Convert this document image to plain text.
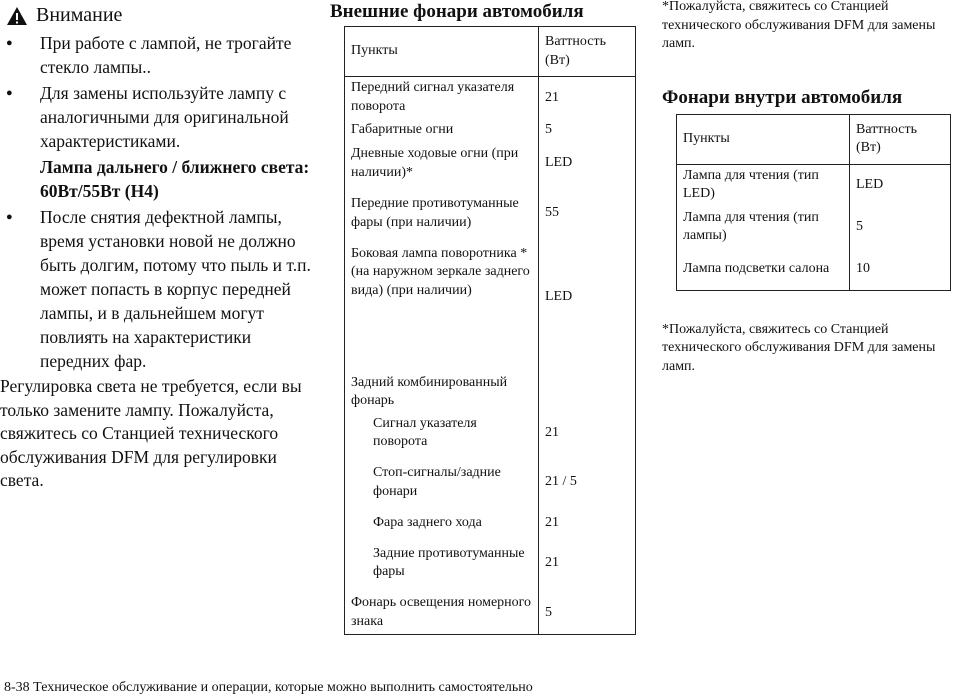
Внимание
● При работе с лампой, не трогайте стекло лампы..
● Для замены используйте лампу с аналогичными для оригинальной характеристиками.
Лампа дальнего / ближнего света: 60Вт/55Вт (Н4)
● После снятия дефектной лампы, время установки новой не должно быть долгим, потому что пыль и т.п. может попасть в корпус передней лампы, и в дальнейшем могут повлиять на характеристики передних фар.

Регулировка света не требуется, если вы только замените лампу. Пожалуйста, свяжитесь со Станцией технического обслуживания DFM для регулировки света.

Внешние фонари автомобиля
Пункты	Ваттность (Вт)
Передний сигнал указателя поворота	21
Габаритные огни	5
Дневные ходовые огни (при наличии)*	LED
Передние противотуманные фары (при наличии)	55
Боковая лампа поворотника * (на наружном зеркале заднего вида) (при наличии)	LED
Задний комбинированный фонарь	
Сигнал указателя поворота	21
Стоп-сигналы/задние фонари	21 / 5
Фара заднего хода	21
Задние противотуманные фары	21
Фонарь освещения номерного знака	5

*Пожалуйста, свяжитесь со Станцией технического обслуживания DFM для замены ламп.

Фонари внутри автомобиля
Пункты	Ваттность (Вт)
Лампа для чтения (тип LED)	LED
Лампа для чтения (тип лампы)	5
Лампа подсветки салона	10

*Пожалуйста, свяжитесь со Станцией технического обслуживания DFM для замены ламп.

8-38 Техническое обслуживание и операции, которые можно выполнить самостоятельно
